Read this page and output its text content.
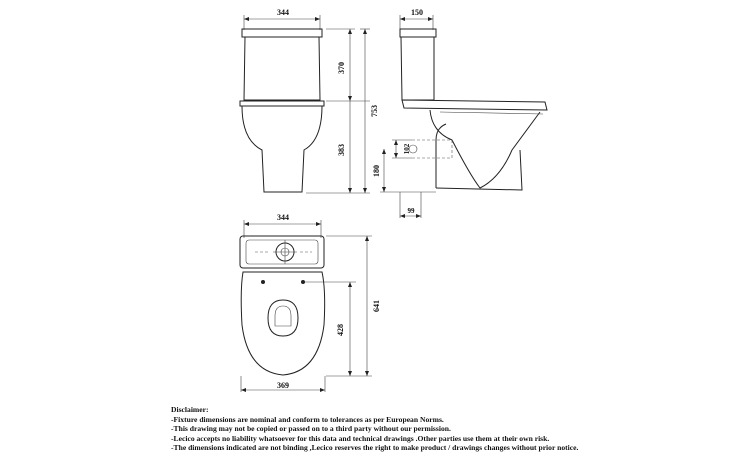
344
370
383
753
150
102
180
99
344
369
428
641
Disclaimer:
-Fixture dimensions are nominal and conform to tolerances as per European Norms.
-This drawing may not be copied or passed on to a third party without our permission.
-Lecico accepts no liability whatsoever for this data and technical drawings .Other parties use them at their own risk.
-The dimensions indicated are not binding ,Lecico reserves the right to make product / drawings changes without prior notice.
